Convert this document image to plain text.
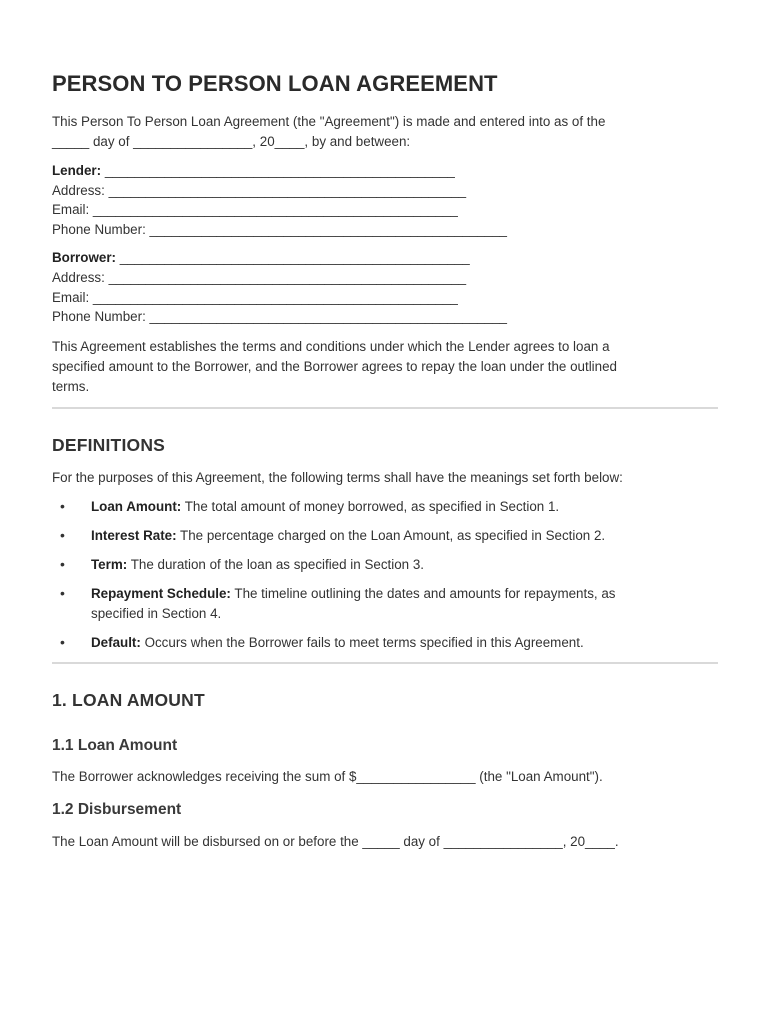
PERSON TO PERSON LOAN AGREEMENT

This Person To Person Loan Agreement (the "Agreement") is made and entered into as of the

_____ day of ________________, 20____, by and between:

Lender: _______________________________________________
Address: ________________________________________________
Email: _________________________________________________
Phone Number: ________________________________________________
Borrower: _______________________________________________
Address: ________________________________________________
Email: _________________________________________________
Phone Number: ________________________________________________

This Agreement establishes the terms and conditions under which the Lender agrees to loan a

specified amount to the Borrower, and the Borrower agrees to repay the loan under the outlined

terms.

DEFINITIONS

For the purposes of this Agreement, the following terms shall have the meanings set forth below:

• Loan Amount: The total amount of money borrowed, as specified in Section 1.
• Interest Rate: The percentage charged on the Loan Amount, as specified in Section 2.
• Term: The duration of the loan as specified in Section 3.
• Repayment Schedule: The timeline outlining the dates and amounts for repayments, as
specified in Section 4.
• Default: Occurs when the Borrower fails to meet terms specified in this Agreement.
1. LOAN AMOUNT
1.1 Loan Amount

The Borrower acknowledges receiving the sum of $________________ (the "Loan Amount").

1.2 Disbursement

The Loan Amount will be disbursed on or before the _____ day of ________________, 20____.
